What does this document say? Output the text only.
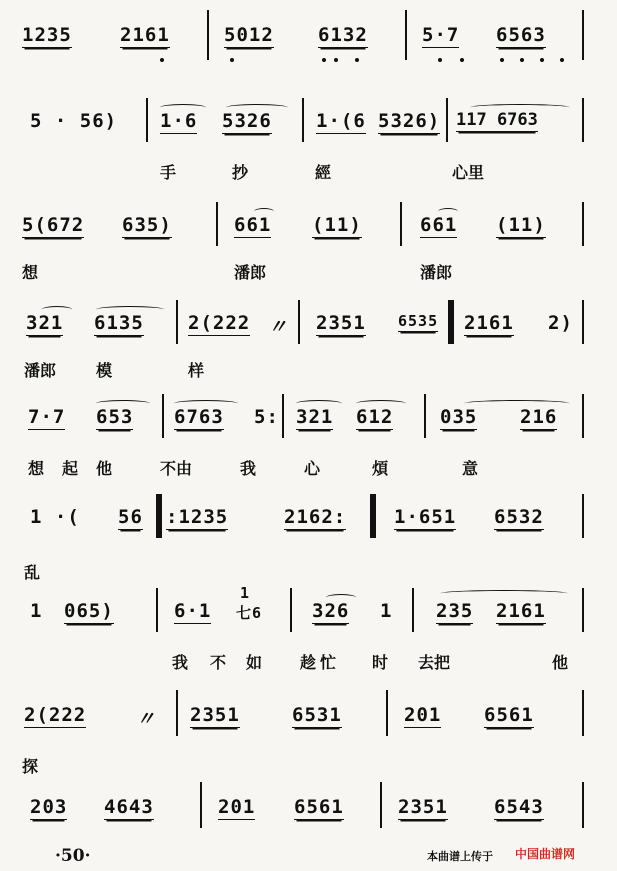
1235	2161	5012 6132	5·7 6563
5 · 56) 1·6 5326 1·(6 5326) 117 6763
手	抄	經	心里
5(672 635)	661 (11)	661 (11)
想	潘郎	潘郎
321 6135 2(222 〃 2351 6535 2161 2)
潘郎 模	样
7·7 653 6763 5: 321 612 035 216
想 起 他	不由	我	心	煩	意
1 ·( 56 :1235	2162:	1·651 6532
乱
1 065)	6·1
1
七6	326 1 235 2161
我 不 如 趁 忙 时 去把	他
2(222	〃 2351	6531	201 6561
探
203 4643	201 6561	2351 6543
·50·	本曲谱上传于 中国曲谱网
